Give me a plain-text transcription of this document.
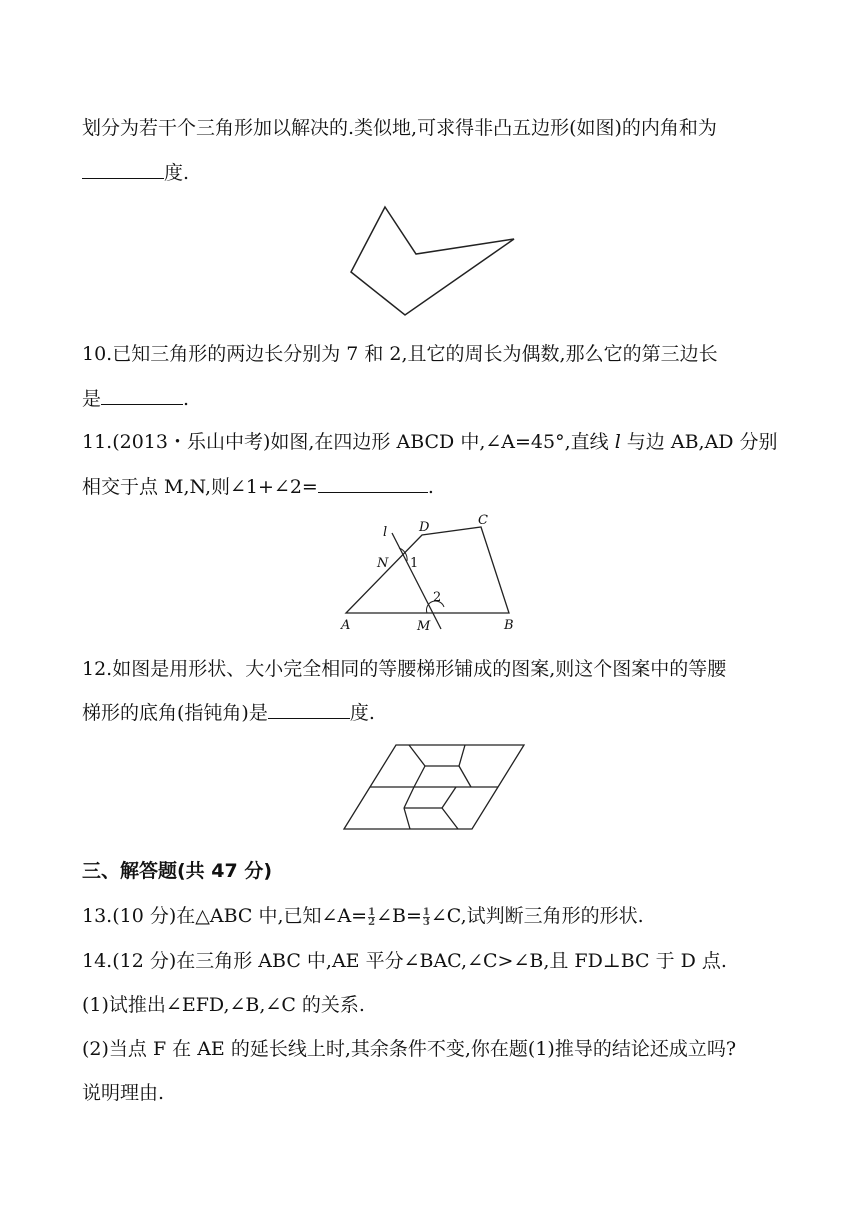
划分为若干个三角形加以解决的.类似地,可求得非凸五边形(如图)的内角和为
度.
10.已知三角形的两边长分别为 7 和 2,且它的周长为偶数,那么它的第三边长
是	.
11.(2013・乐山中考)如图,在四边形 ABCD 中,∠A=45°,直线 l 与边 AB,AD 分别
相交于点 M,N,则∠1+∠2=	.
l D	C
N 1
2
A	M	B
12.如图是用形状、大小完全相同的等腰梯形铺成的图案,则这个图案中的等腰
梯形的底角(指钝角)是	度.
三、解答题(共 47 分)
13.(10 分)在△ABC 中,已知∠A= $\frac{1}{2}$ ∠B= $\frac{1}{3}$ ∠C,试判断三角形的形状.
14.(12 分)在三角形 ABC 中,AE 平分∠BAC,∠C>∠B,且 FD⊥BC 于 D 点.
(1)试推出∠EFD,∠B,∠C 的关系.
(2)当点 F 在 AE 的延长线上时,其余条件不变,你在题(1)推导的结论还成立吗?
说明理由.
